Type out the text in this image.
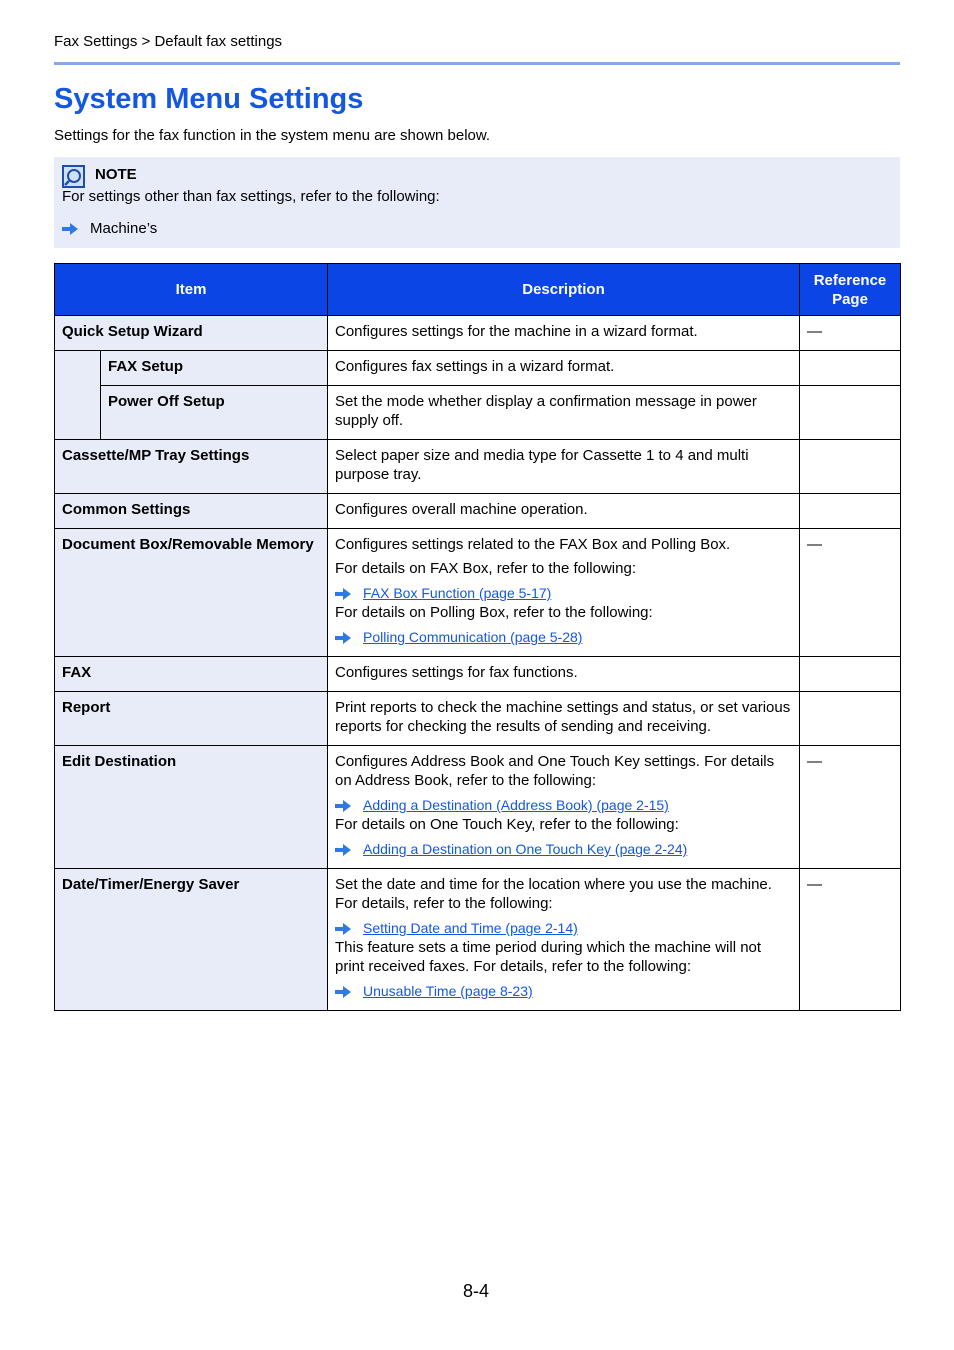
Fax Settings > Default fax settings
System Menu Settings
Settings for the fax function in the system menu are shown below.
NOTE
For settings other than fax settings, refer to the following:
Machine’s
Item		Description	Reference Page
Quick Setup Wizard		Configures settings for the machine in a wizard format.	—
	FAX Setup	Configures fax settings in a wizard format.	
	Power Off Setup	Set the mode whether display a confirmation message in power supply off.	
Cassette/MP Tray Settings		Select paper size and media type for Cassette 1 to 4 and multi purpose tray.	
Common Settings		Configures overall machine operation.	
Document Box/Removable Memory		Configures settings related to the FAX Box and Polling Box.

For details on FAX Box, refer to the following:

FAX Box Function (page 5-17)

For details on Polling Box, refer to the following:

Polling Communication (page 5-28)	—
FAX		Configures settings for fax functions.	
Report		Print reports to check the machine settings and status, or set various reports for checking the results of sending and receiving.	
Edit Destination		Configures Address Book and One Touch Key settings. For details on Address Book, refer to the following:

Adding a Destination (Address Book) (page 2-15)

For details on One Touch Key, refer to the following:

Adding a Destination on One Touch Key (page 2-24)	—
Date/Timer/Energy Saver		Set the date and time for the location where you use the machine.

For details, refer to the following:

Setting Date and Time (page 2-14)

This feature sets a time period during which the machine will not print received faxes. For details, refer to the following:

Unusable Time (page 8-23)	—
8-4
